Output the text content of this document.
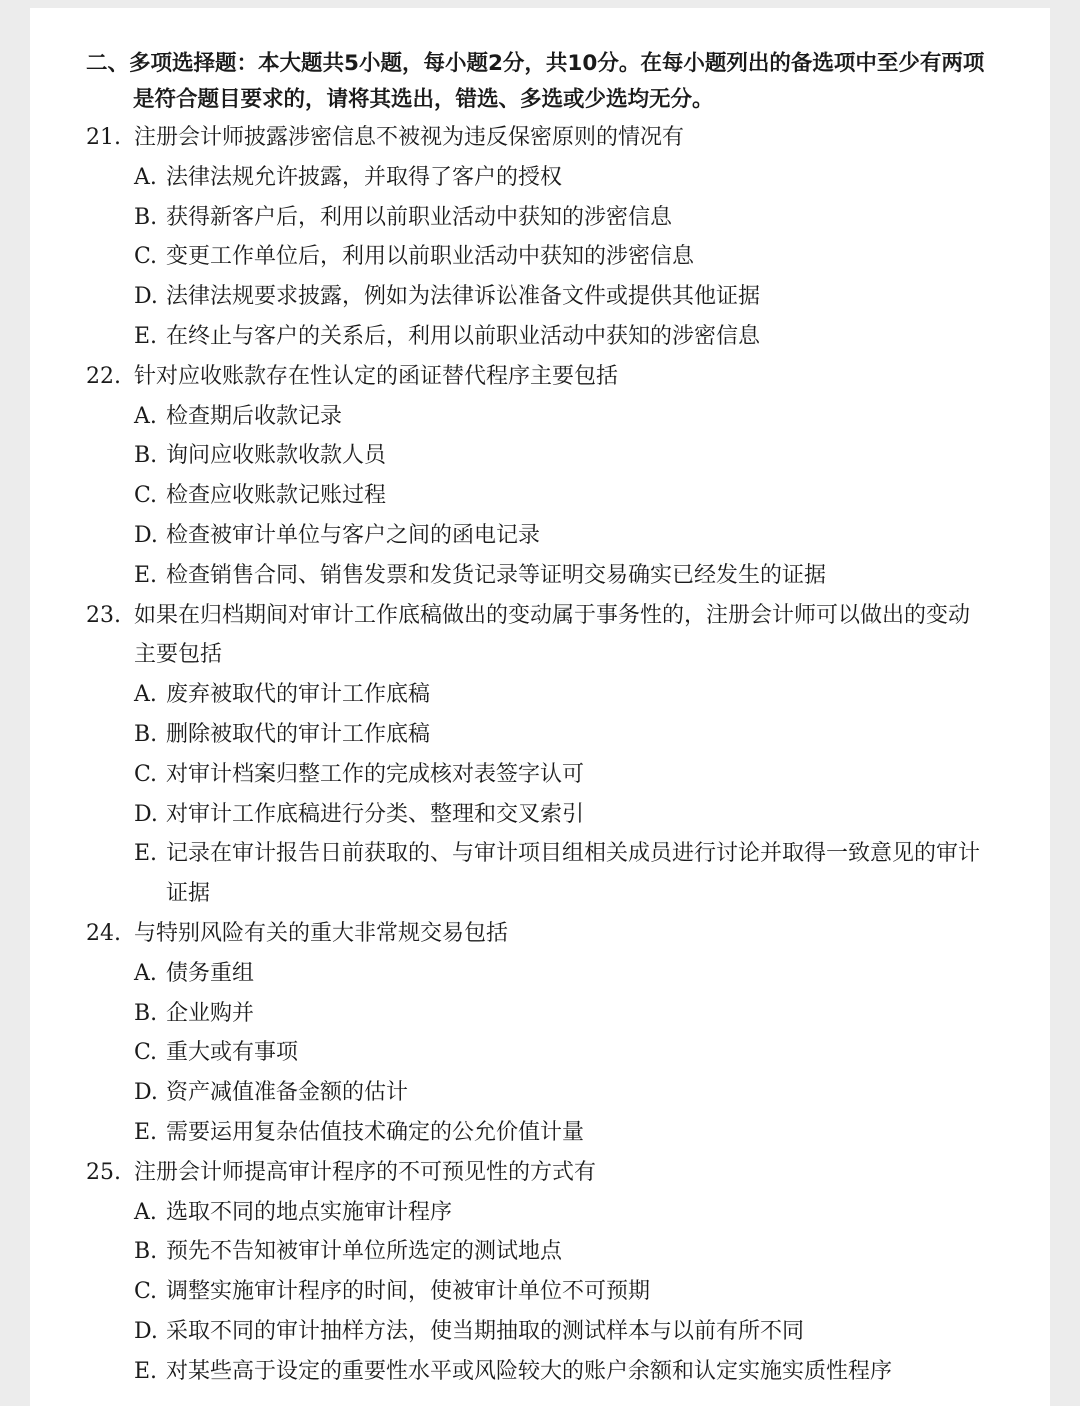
二、多项选择题：本大题共5小题，每小题2分，共10分。在每小题列出的备选项中至少有两项是符合题目要求的，请将其选出，错选、多选或少选均无分。
21. 注册会计师披露涉密信息不被视为违反保密原则的情况有
A. 法律法规允许披露，并取得了客户的授权
B. 获得新客户后，利用以前职业活动中获知的涉密信息
C. 变更工作单位后，利用以前职业活动中获知的涉密信息
D. 法律法规要求披露，例如为法律诉讼准备文件或提供其他证据
E. 在终止与客户的关系后，利用以前职业活动中获知的涉密信息
22. 针对应收账款存在性认定的函证替代程序主要包括
A. 检查期后收款记录
B. 询问应收账款收款人员
C. 检查应收账款记账过程
D. 检查被审计单位与客户之间的函电记录
E. 检查销售合同、销售发票和发货记录等证明交易确实已经发生的证据
23. 如果在归档期间对审计工作底稿做出的变动属于事务性的，注册会计师可以做出的变动主要包括
A. 废弃被取代的审计工作底稿
B. 删除被取代的审计工作底稿
C. 对审计档案归整工作的完成核对表签字认可
D. 对审计工作底稿进行分类、整理和交叉索引
E. 记录在审计报告日前获取的、与审计项目组相关成员进行讨论并取得一致意见的审计证据
24. 与特别风险有关的重大非常规交易包括
A. 债务重组
B. 企业购并
C. 重大或有事项
D. 资产减值准备金额的估计
E. 需要运用复杂估值技术确定的公允价值计量
25. 注册会计师提高审计程序的不可预见性的方式有
A. 选取不同的地点实施审计程序
B. 预先不告知被审计单位所选定的测试地点
C. 调整实施审计程序的时间，使被审计单位不可预期
D. 采取不同的审计抽样方法，使当期抽取的测试样本与以前有所不同
E. 对某些高于设定的重要性水平或风险较大的账户余额和认定实施实质性程序
